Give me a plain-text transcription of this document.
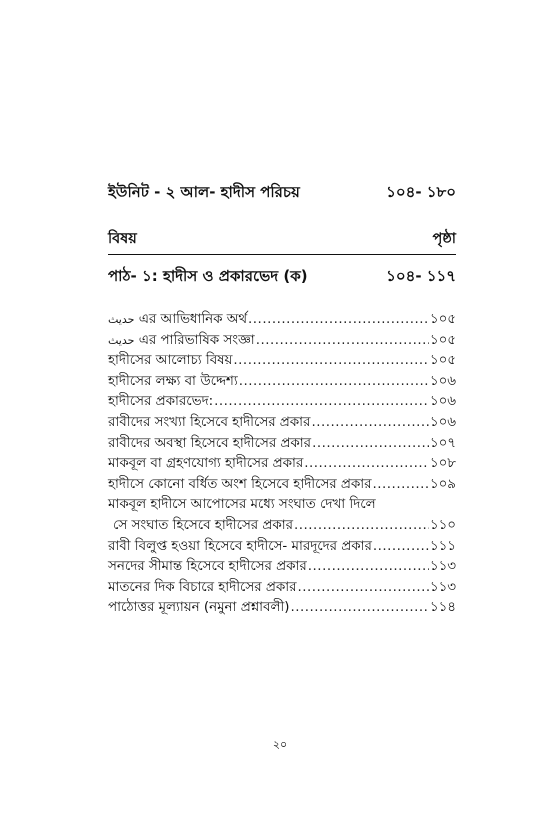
ইউনিট - ২ আল- হাদীস পরিচয়	১০৪- ১৮০
বিষয়	পৃষ্ঠা
পাঠ- ১: হাদীস ও প্রকারভেদ (ক)	১০৪- ১১৭
حديث এর আভিধানিক অর্থ .....	১০৫
حديث এর পারিভাষিক সংজ্ঞা .....	১০৫
হাদীসের আলোচ্য বিষয় .....	১০৫
হাদীসের লক্ষ্য বা উদ্দেশ্য .....	১০৬
হাদীসের প্রকারভেদ: .....	১০৬
রাবীদের সংখ্যা হিসেবে হাদীসের প্রকার .....	১০৬
রাবীদের অবস্থা হিসেবে হাদীসের প্রকার .....	১০৭
মাকবূল বা গ্রহণযোগ্য হাদীসের প্রকার .....	১০৮
হাদীসে কোনো বর্ধিত অংশ হিসেবে হাদীসের প্রকার .....	১০৯
মাকবূল হাদীসে আপোসের মধ্যে সংঘাত দেখা দিলে
সে সংঘাত হিসেবে হাদীসের প্রকার .....	১১০
রাবী বিলুপ্ত হওয়া হিসেবে হাদীসে- মারদূদের প্রকার .....	১১১
সনদের সীমান্ত হিসেবে হাদীসের প্রকার .....	১১৩
মাতনের দিক বিচারে হাদীসের প্রকার .....	১১৩
পাঠোত্তর মূল্যায়ন (নমুনা প্রশ্নাবলী) .....	১১৪
২০
